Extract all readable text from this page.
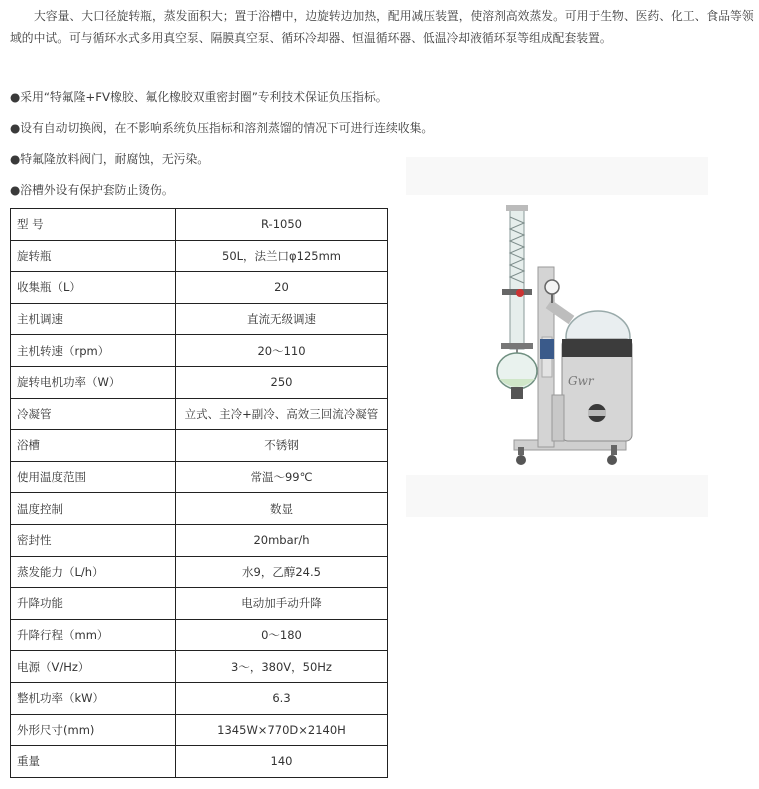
大容量、大口径旋转瓶，蒸发面积大；置于浴槽中，边旋转边加热，配用减压装置，使溶剂高效蒸发。可用于生物、医药、化工、食品等领域的中试。可与循环水式多用真空泵、隔膜真空泵、循环冷却器、恒温循环器、低温冷却液循环泵等组成配套装置。
●采用“特氟隆+FV橡胶、氟化橡胶双重密封圈”专利技术保证负压指标。
●设有自动切换阀，在不影响系统负压指标和溶剂蒸馏的情况下可进行连续收集。
●特氟隆放料阀门，耐腐蚀，无污染。
●浴槽外设有保护套防止烫伤。
型 号	R-1050
旋转瓶	50L，法兰口φ125mm
收集瓶（L）	20
主机调速	直流无级调速
主机转速（rpm）	20～110
旋转电机功率（W）	250
冷凝管	立式、主冷+副冷、高效三回流冷凝管
浴槽	不锈钢
使用温度范围	常温～99℃
温度控制	数显
密封性	20mbar/h
蒸发能力（L/h）	水9，乙醇24.5
升降功能	电动加手动升降
升降行程（mm）	0～180
电源（V/Hz）	3～，380V，50Hz
整机功率（kW）	6.3
外形尺寸(mm)	1345W×770D×2140H
重量	140
Gwr
